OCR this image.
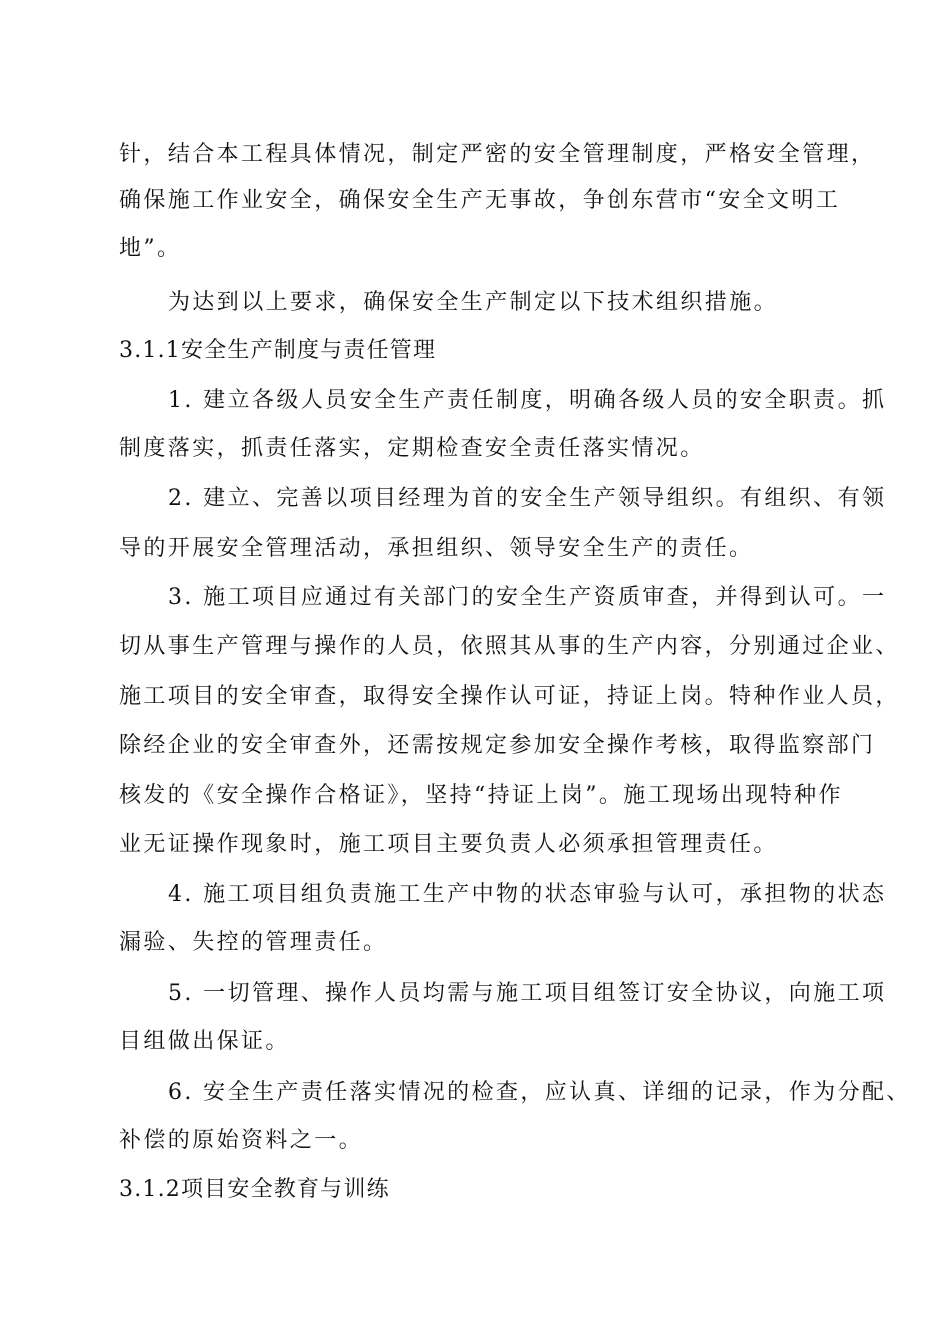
针，结合本工程具体情况，制定严密的安全管理制度，严格安全管理，
确保施工作业安全，确保安全生产无事故，争创东营市“安全文明工
地”。
为达到以上要求，确保安全生产制定以下技术组织措施。
3.1.1安全生产制度与责任管理
1. 建立各级人员安全生产责任制度，明确各级人员的安全职责。抓
制度落实，抓责任落实，定期检查安全责任落实情况。
2. 建立、完善以项目经理为首的安全生产领导组织。有组织、有领
导的开展安全管理活动，承担组织、领导安全生产的责任。
3. 施工项目应通过有关部门的安全生产资质审查，并得到认可。一
切从事生产管理与操作的人员，依照其从事的生产内容，分别通过企业、
施工项目的安全审查，取得安全操作认可证，持证上岗。特种作业人员，
除经企业的安全审查外，还需按规定参加安全操作考核，取得监察部门
核发的《安全操作合格证》，坚持“持证上岗”。施工现场出现特种作
业无证操作现象时，施工项目主要负责人必须承担管理责任。
4. 施工项目组负责施工生产中物的状态审验与认可，承担物的状态
漏验、失控的管理责任。
5. 一切管理、操作人员均需与施工项目组签订安全协议，向施工项
目组做出保证。
6. 安全生产责任落实情况的检查，应认真、详细的记录，作为分配、
补偿的原始资料之一。
3.1.2项目安全教育与训练
